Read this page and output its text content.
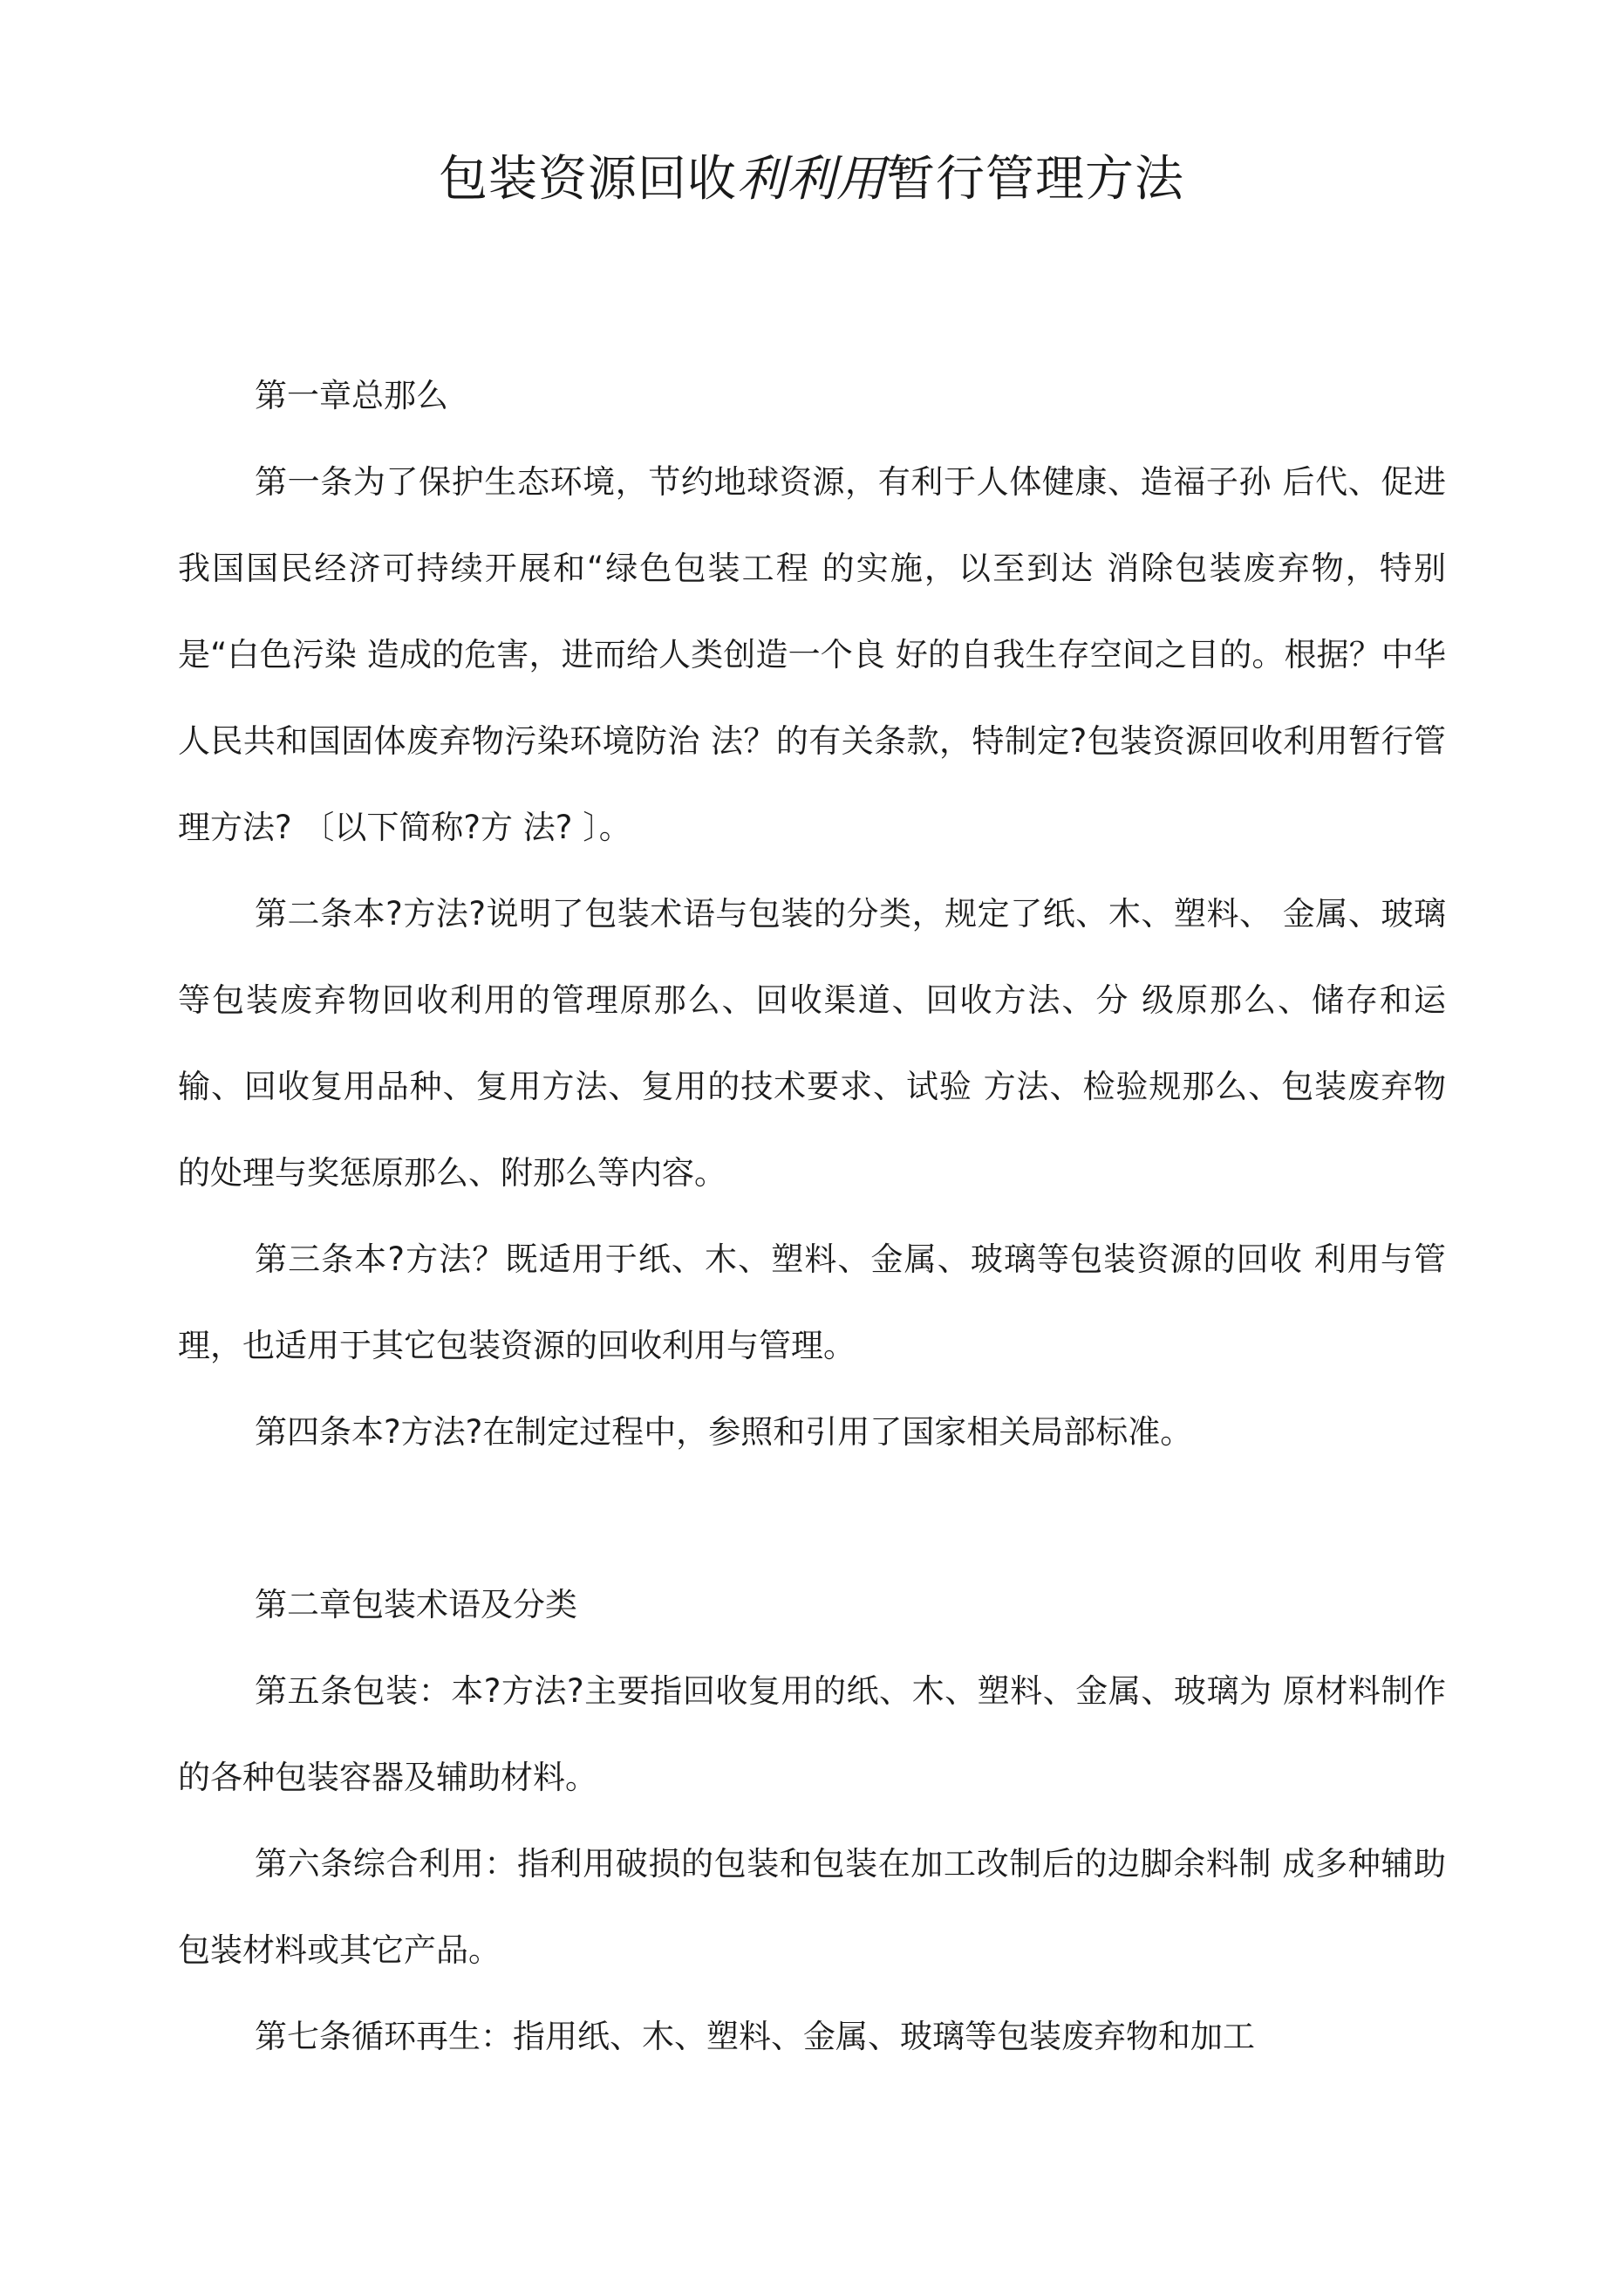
包装资源回收利利用暂行管理方法

第一章总那么

第一条为了保护生态环境，节约地球资源，有利于人体健康、造福子孙 后代、促进我国国民经济可持续开展和“绿色包装工程 的实施，以至到达 消除包装废弃物，特别是“白色污染 造成的危害，进而给人类创造一个良 好的自我生存空间之目的。根据？中华人民共和国固体废弃物污染环境防治 法？的有关条款，特制定?包装资源回收利用暂行管理方法? 〔以下简称?方 法? 〕。

第二条本?方法?说明了包装术语与包装的分类，规定了纸、木、塑料、 金属、玻璃等包装废弃物回收利用的管理原那么、回收渠道、回收方法、分 级原那么、储存和运输、回收复用品种、复用方法、复用的技术要求、试验 方法、检验规那么、包装废弃物的处理与奖惩原那么、附那么等内容。

第三条本?方法？既适用于纸、木、塑料、金属、玻璃等包装资源的回收 利用与管理，也适用于其它包装资源的回收利用与管理。

第四条本?方法?在制定过程中，参照和引用了国家相关局部标准。

第二章包装术语及分类

第五条包装：本?方法?主要指回收复用的纸、木、塑料、金属、玻璃为 原材料制作的各种包装容器及辅助材料。

第六条综合利用：指利用破损的包装和包装在加工改制后的边脚余料制 成多种辅助包装材料或其它产品。

第七条循环再生：指用纸、木、塑料、金属、玻璃等包装废弃物和加工
